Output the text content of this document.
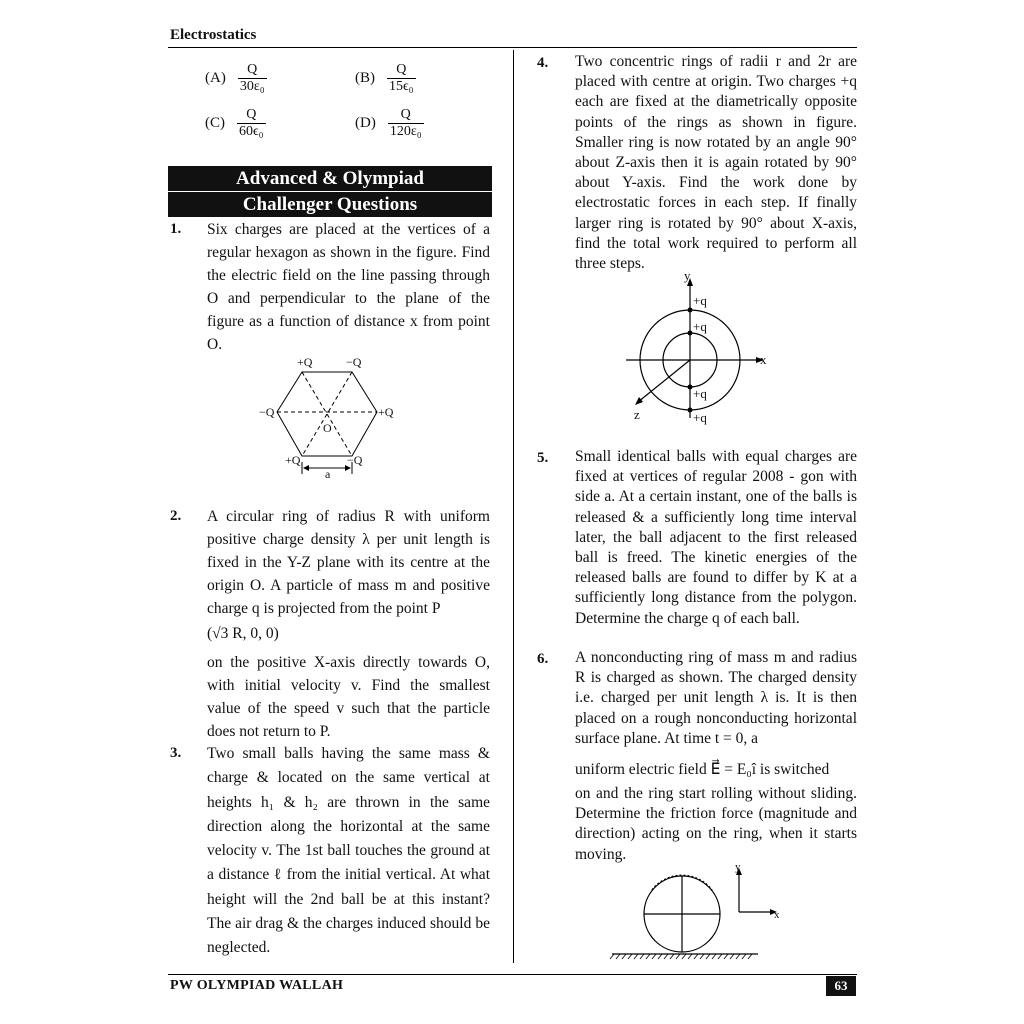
Electrostatics
$(A) \frac{Q}{\text{30ε₀}}$	$(B) \frac{Q}{\text{15ϵ₀}}$
$(C) \frac{Q}{\text{60ϵ₀}}$	$(D) \frac{Q}{\text{120ε₀}}$
Advanced & Olympiad
Challenger Questions
1. Six charges are placed at the vertices of a regular hexagon as shown in the figure. Find the electric field on the line passing through O and perpendicular to the plane of the figure as a function of distance x from point O.
+Q	−Q
−Q	+Q
O
+Q	−Q
a
2. A circular ring of radius R with uniform positive charge density λ per unit length is fixed in the Y-Z plane with its centre at the origin O. A particle of mass m and positive charge q is projected from the point P
(√3 R, 0, 0)
on the positive X-axis directly towards O, with initial velocity v. Find the smallest value of the speed v such that the particle does not return to P.
3. Two small balls having the same mass & charge & located on the same vertical at heights h₁ & h₂ are thrown in the same direction along the horizontal at the same velocity v. The 1st ball touches the ground at a distance ℓ from the initial vertical. At what height will the 2nd ball be at this instant? The air drag & the charges induced should be neglected.
4. Two concentric rings of radii r and 2r are placed with centre at origin. Two charges +q each are fixed at the diametrically opposite points of the rings as shown in figure. Smaller ring is now rotated by an angle 90° about Z-axis then it is again rotated by 90° about Y-axis. Find the work done by electrostatic forces in each step. If finally larger ring is rotated by 90° about X-axis, find the total work required to perform all three steps.
y
x
z
+q
+q
+q
+q
5. Small identical balls with equal charges are fixed at vertices of regular 2008 - gon with side a. At a certain instant, one of the balls is released & a sufficiently long time interval later, the ball adjacent to the first released ball is freed. The kinetic energies of the released balls are found to differ by K at a sufficiently long distance from the polygon. Determine the charge q of each ball.
6. A nonconducting ring of mass m and radius R is charged as shown. The charged density i.e. charged per unit length λ is. It is then placed on a rough nonconducting horizontal surface plane. At time t = 0, a
uniform electric field E⃗ = E₀î is switched
on and the ring start rolling without sliding. Determine the friction force (magnitude and direction) acting on the ring, when it starts moving.
y
x
PW OLYMPIAD WALLAH	63
